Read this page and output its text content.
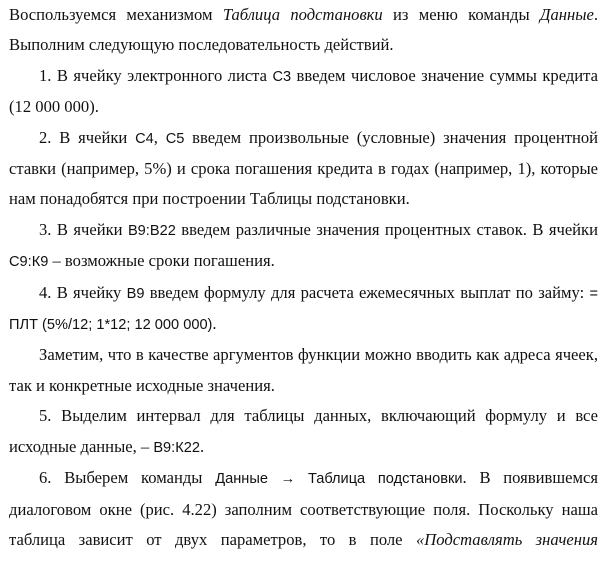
Воспользуемся механизмом Таблица подстановки из меню команды Данные. Выполним следующую последовательность действий.

1. В ячейку электронного листа С3 введем числовое значение суммы кредита (12 000 000).

2. В ячейки С4, С5 введем произвольные (условные) значения процентной ставки (например, 5%) и срока погашения кредита в годах (например, 1), которые нам понадобятся при построении Таблицы подстановки.

3. В ячейки В9:В22 введем различные значения процентных ставок. В ячейки С9:К9 – возможные сроки погашения.

4. В ячейку В9 введем формулу для расчета ежемесячных выплат по займу: = ПЛТ (5%/12; 1*12; 12 000 000).

Заметим, что в качестве аргументов функции можно вводить как адреса ячеек, так и конкретные исходные значения.

5. Выделим интервал для таблицы данных, включающий формулу и все исходные данные, – В9:К22.

6. Выберем команды Данные → Таблица подстановки. В появившемся диалоговом окне (рис. 4.22) заполним соответствующие поля. Поскольку наша таблица зависит от двух параметров, то в поле «Подставлять значения
